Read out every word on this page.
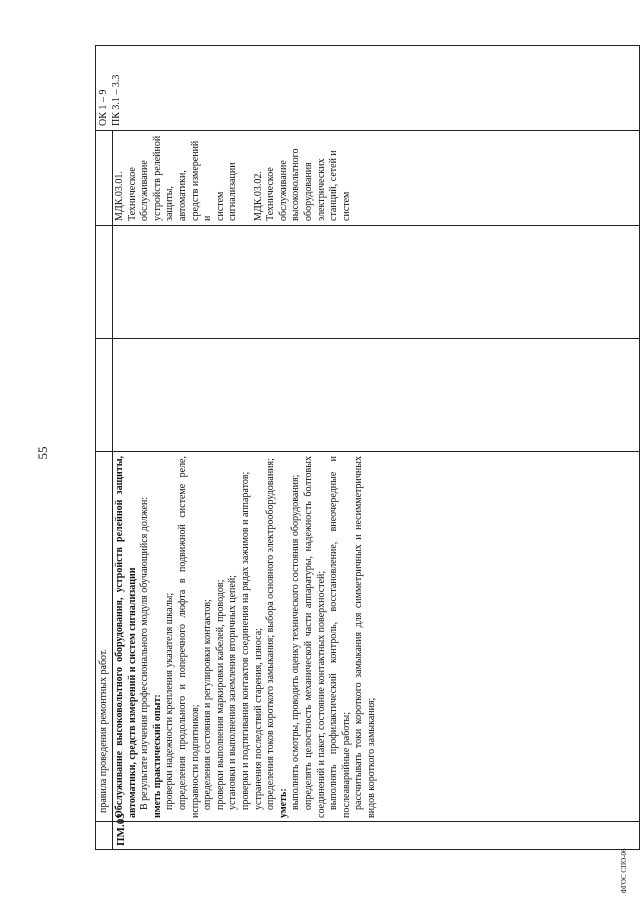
55
ПМ.03
правила проведения ремонтных работ. Обслуживание высоковольтного оборудования, устройств релейной защиты, автоматики, средств измерений и систем сигнализации В результате изучения профессионального модуля обучающийся должен: иметь практический опыт: проверки надежности крепления указателя шкалы; определения продольного и поперечного люфта в подвижной системе реле, исправности подпятников; определения состояния и регулировки контактов; проверки выполнения маркировки кабелей, проводов; установки и выполнения заземления вторичных цепей; проверки и подтягивания контактов соединения на рядах зажимов и аппаратов; устранения последствий старения, износа; определения токов короткого замыкания; выбора основного электрооборудования; уметь: выполнять осмотры, проводить оценку технического состояния оборудования; определять целостность механической части аппаратуры, надежность болтовых соединений и пакет, состояние контактных поверхностей; выполнять профилактический контроль, восстановление, внеочередные и послеаварийные работы; рассчитывать токи короткого замыкания для симметричных и несимметричных видов короткого замыкания;
МДК.03.01. Техническое обслуживание устройств релейной защиты, автоматики, средств измерений и систем сигнализации МДК.03.02. Техническое обслуживание высоковольтного оборудования электрических станций, сетей и систем
ОК 1 – 9 ПК 3.1 – 3.3
ФГОС СПО-06
